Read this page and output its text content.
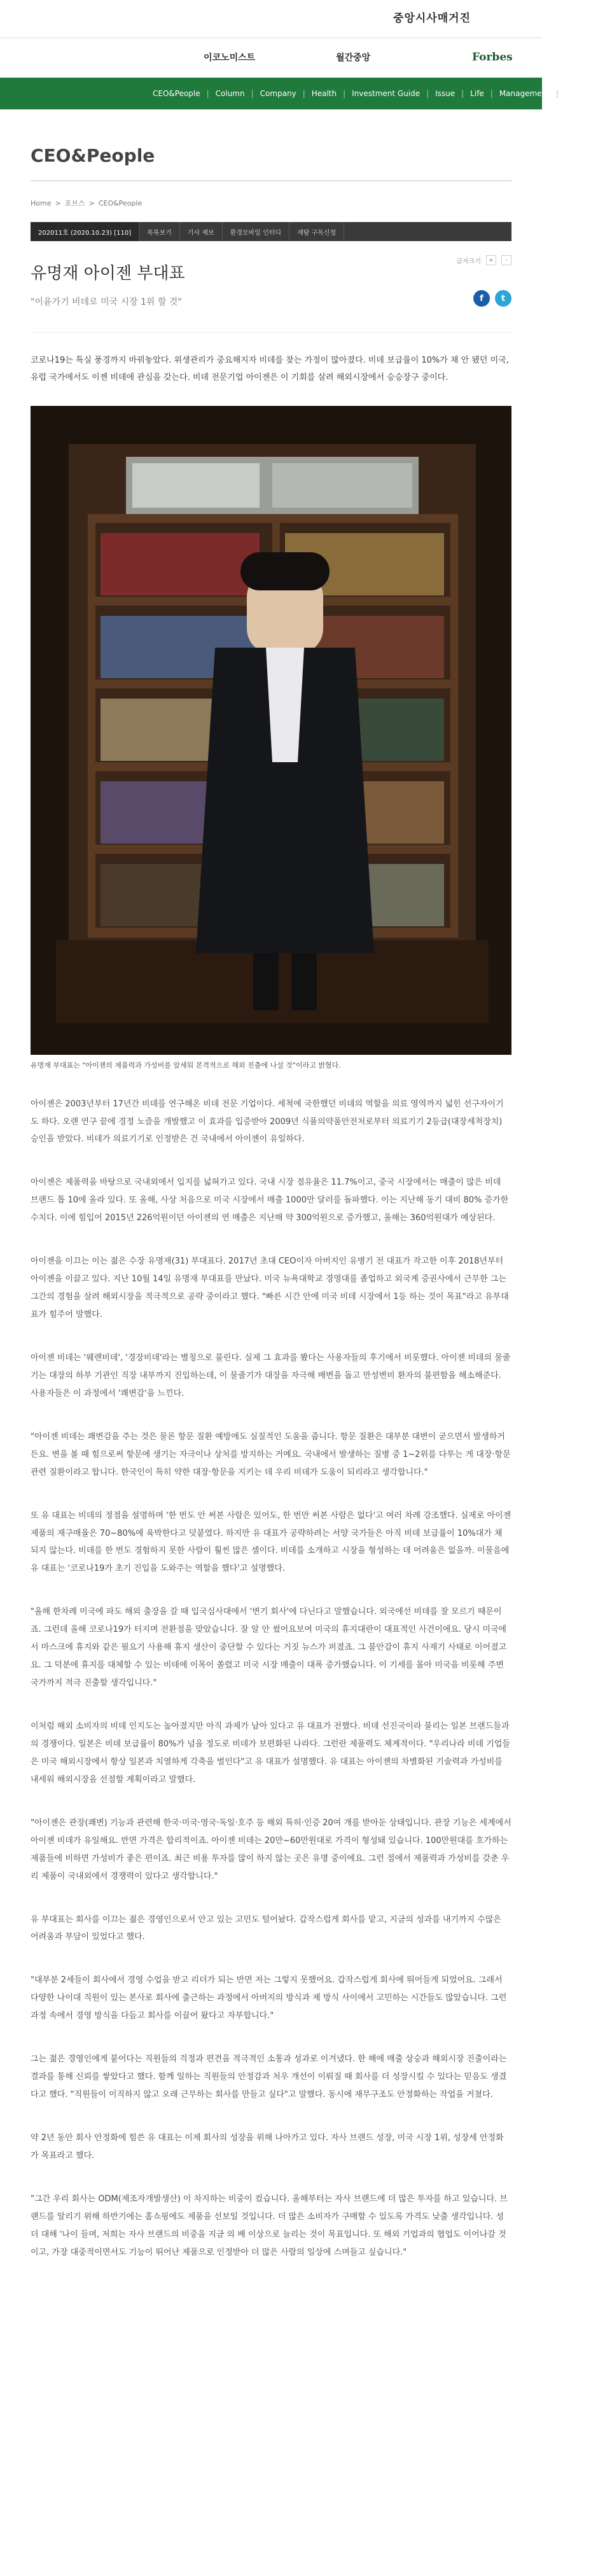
중앙시사매거진
이코노미스트	월간중앙	Forbes
CEO&People	| Column	| Company	| Health	| Investment Guide	| Issue	| Life	| Management	| Money
CEO&People
Home > 포브스 > CEO&People
202011호 (2020.10.23) [110]	목록보기	기사 제보	환경모바일 인터디	재탐 구독신청
글자크기	+	-
유명재 아이젠 부대표
f	t

"이윤가기 비데로 미국 시장 1위 할 것"

코로나19는 특실 풍경까지 바꿔놓았다. 위생관리가 중요해지자 비데를 찾는 가정이 많아졌다. 비데 보급률이 10%가 채 안 됐던 미국, 유럽 국가에서도 이젠 비데에 관심을 갖는다. 비데 전문기업 아이젠은 이 기회를 살려 해외시장에서 승승장구 중이다.

유명재 부대표는 "아이젠의 제품력과 가성비를 앞세워 본격적으로 해외 진출에 나설 것"이라고 밝혔다.

아이젠은 2003년부터 17년간 비데를 연구해온 비데 전문 기업이다. 세척에 국한했던 비데의 역할을 의료 영역까지 넓힌 선구자이기도 하다. 오랜 연구 끝에 경정 노즐을 개발했고 이 효과를 입증받아 2009년 식품의약품안전처로부터 의료기기 2등급(대장세척장치) 승인을 받았다. 비데가 의료기기로 인정받은 건 국내에서 아이젠이 유일하다.

아이젠은 제품력을 바탕으로 국내외에서 입지를 넓혀가고 있다. 국내 시장 점유율은 11.7%이고, 중국 시장에서는 매출이 많은 비데 브랜드 톱 10에 올라 있다. 또 올해, 사상 처음으로 미국 시장에서 매출 1000만 달러를 돌파했다. 이는 지난해 동기 대비 80% 증가한 수치다. 이에 힘입어 2015년 226억원이던 아이젠의 연 매출은 지난해 약 300억원으로 증가했고, 올해는 360억원대가 예상된다.

아이젠을 이끄는 이는 젊은 수장 유명재(31) 부대표다. 2017년 초대 CEO이자 아버지인 유병기 전 대표가 작고한 이후 2018년부터 아이젠을 이끌고 있다. 지난 10월 14일 유명재 부대표를 만났다. 미국 뉴욕대학교 경영대를 졸업하고 외국계 증권사에서 근무한 그는 그간의 경험을 살려 해외시장을 적극적으로 공략 중이라고 했다. "빠른 시간 안에 미국 비데 시장에서 1등 하는 것이 목표"라고 유부대표가 힘주어 말했다.

아이젠 비데는 '웨렌비데', '경장비데'라는 별칭으로 불린다. 실제 그 효과를 봤다는 사용자들의 후기에서 비롯했다. 아이젠 비데의 물줄기는 대장의 하부 기관인 직장 내부까지 진입하는데, 이 물줄기가 대장을 자극해 배변을 돕고 만성변비 환자의 불편함을 해소해준다. 사용자들은 이 과정에서 '쾌변감'을 느낀다.

"아이젠 비데는 쾌변감을 주는 것은 물론 항문 질환 예방에도 실질적인 도움을 줍니다. 항문 질환은 대부분 대변이 굳으면서 발생하거든요. 변을 볼 때 힘으로써 항문에 생기는 자극이나 상처를 방지하는 거예요. 국내에서 발생하는 질병 중 1~2위를 다투는 게 대장·항문 관련 질환이라고 합니다. 한국인이 특히 약한 대장·항문을 지키는 데 우리 비데가 도움이 되리라고 생각합니다."

또 유 대표는 비데의 정점을 설명하며 '한 번도 안 써본 사람은 있어도, 한 번만 써본 사람은 없다'고 여러 차례 강조했다. 실제로 아이젠 제품의 재구매율은 70~80%에 육박한다고 덧붙였다. 하지만 유 대표가 공략하려는 서양 국가들은 아직 비데 보급률이 10%대가 채 되지 않는다. 비데를 한 번도 경험하지 못한 사람이 훨씬 많은 셈이다. 비데를 소개하고 시장을 형성하는 데 어려움은 없을까. 이물음에 유 대표는 '코로나19가 초기 진입을 도와주는 역할을 했다'고 설명했다.

"올해 한차례 미국에 파도 해외 출장을 갈 때 입국심사대에서 '변기 회사'에 다닌다고 말했습니다. 외국에선 비데를 잘 모르기 때문이죠. 그런데 올해 코로나19가 터지며 전환점을 맞았습니다. 잘 알 안 썼어요보여 미국의 휴지대란이 대표적인 사건이에요. 당시 미국에서 마스크에 휴지와 같은 필요기 사용해 휴지 생산이 중단할 수 있다는 거짓 뉴스가 퍼졌죠. 그 불안감이 휴지 사재기 사태로 이어졌고요. 그 덕분에 휴지를 대체할 수 있는 비데에 이목이 쏠렸고 미국 시장 매출이 대폭 증가했습니다. 이 기세를 몰아 미국을 비롯해 주변 국가까지 적극 진출할 생각입니다."

이처럼 해외 소비자의 비데 인지도는 높아졌지만 아직 과제가 남아 있다고 유 대표가 전했다. 비데 선진국이라 불리는 일본 브랜드들과의 경쟁이다. 일본은 비데 보급률이 80%가 넘을 정도로 비데가 보편화된 나라다. 그런란 제품력도 체계적이다. "우리나라 비데 기업들은 미국 해외시장에서 항상 일본과 치열하게 각축을 벌인다"고 유 대표가 설명했다. 유 대표는 아이젠의 차별화된 기술력과 가성비를 내세워 해외시장을 선점할 계획이라고 말했다.

"아이젠은 관장(쾌변) 기능과 관련해 한국·미국·영국·독일·호주 등 해외 특허·인증 20여 개를 받아둔 상태입니다. 관장 기능은 세계에서 아이젠 비데가 유일해요. 반면 가격은 합리적이죠. 아이젠 비데는 20만~60만원대로 가격이 형성돼 있습니다. 100만원대를 호가하는 제품들에 비하면 가성비가 좋은 편이죠. 최근 비용 투자를 많이 하지 않는 곳은 유명 중이에요. 그런 점에서 제품력과 가성비를 갖춘 우리 제품이 국내외에서 경쟁력이 있다고 생각합니다."

유 부대표는 회사를 이끄는 젊은 경영인으로서 안고 있는 고민도 털어놨다. 갑작스럽게 회사를 맡고, 지금의 성과를 내기까지 수많은 어려움과 부담이 있었다고 했다.

"대부분 2세들이 회사에서 경영 수업을 받고 리더가 되는 반면 저는 그렇지 못했어요. 갑작스럽게 회사에 뛰어들게 되었어요. 그래서 다양한 나이대 직원이 있는 본사로 회사에 출근하는 과정에서 아버지의 방식과 제 방식 사이에서 고민하는 시간들도 많았습니다. 그런 과정 속에서 경영 방식을 다듬고 회사를 이끌어 왔다고 자부합니다."

그는 젊은 경영인에게 붙어다는 직원들의 걱정과 편견을 적극적인 소통과 성과로 이겨냈다. 한 해에 매출 상승과 해외시장 진출이라는 결과를 통해 신뢰를 쌓았다고 했다. 함께 일하는 직원들의 안정감과 처우 개선이 이뤄질 때 회사를 더 성장시킬 수 있다는 믿음도 생겼다고 했다. "직원들이 이직하지 않고 오래 근무하는 회사를 만들고 싶다"고 말했다. 동시에 재무구조도 안정화하는 작업을 거쳤다.

약 2년 동안 회사 안정화에 힘쓴 유 대표는 이제 회사의 성장을 위해 나아가고 있다. 자사 브랜드 성장, 미국 시장 1위, 성장세 안정화가 목표라고 했다.

"그간 우리 회사는 ODM(제조자개발생산) 이 차지하는 비중이 컸습니다. 올해부터는 자사 브랜드에 더 많은 투자를 하고 있습니다. 브랜드를 알리기 위해 하반기에는 홈쇼핑에도 제품을 선보일 것입니다. 더 많은 소비자가 구매할 수 있도록 가격도 낮출 생각입니다. 성 더 대해 '나이 들며, 저희는 자사 브랜드의 비중을 지금 의 배 이상으로 늘리는 것이 목표입니다. 또 해외 기업과의 협업도 이어나갈 것이고, 가장 대중적이면서도 기능이 뛰어난 제품으로 인정받아 더 많은 사람의 일상에 스며들고 싶습니다."
